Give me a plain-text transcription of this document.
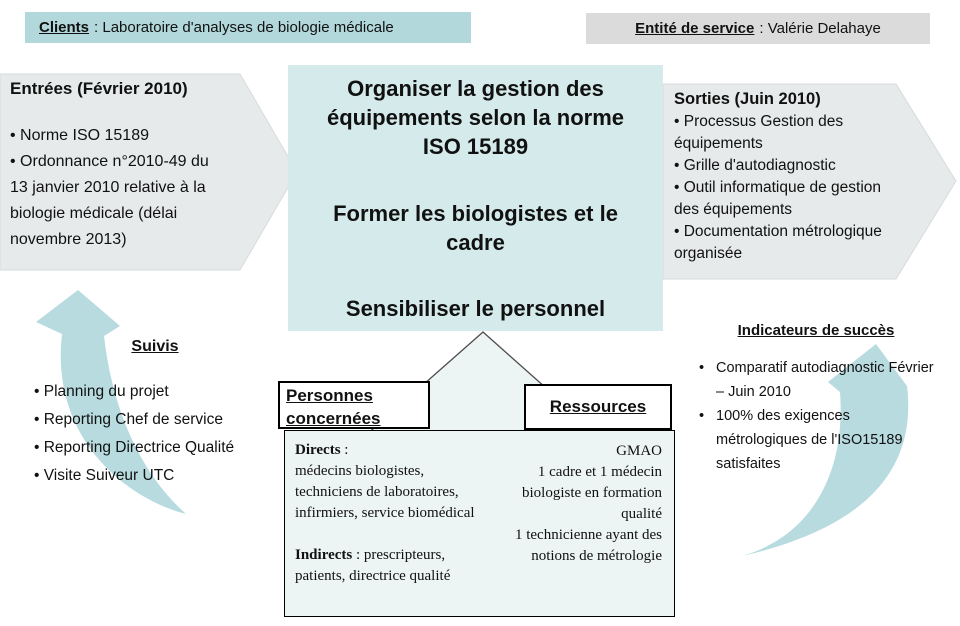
Clients : Laboratoire d'analyses de biologie médicale	Entité de service : Valérie Delahaye
Entrées (Février 2010)
• Norme ISO 15189
• Ordonnance n°2010-49 du 13 janvier 2010 relative à la biologie médicale (délai novembre 2013)
Organiser la gestion des équipements selon la norme ISO 15189
Former les biologistes et le cadre
Sensibiliser le personnel
Sorties (Juin 2010)
• Processus Gestion des équipements
• Grille d'autodiagnostic
• Outil informatique de gestion des équipements
• Documentation métrologique organisée
Suivis
• Planning du projet
• Reporting Chef de service
• Reporting Directrice Qualité
• Visite Suiveur UTC
Indicateurs de succès
• Comparatif autodiagnostic Février – Juin 2010
• 100% des exigences métrologiques de l'ISO15189 satisfaites
Personnes concernées
Ressources

Directs :

médecins biologistes, techniciens de laboratoires, infirmiers, service biomédical

Indirects : prescripteurs, patients, directrice qualité

GMAO
1 cadre et 1 médecin biologiste en formation qualité
1 technicienne ayant des notions de métrologie
